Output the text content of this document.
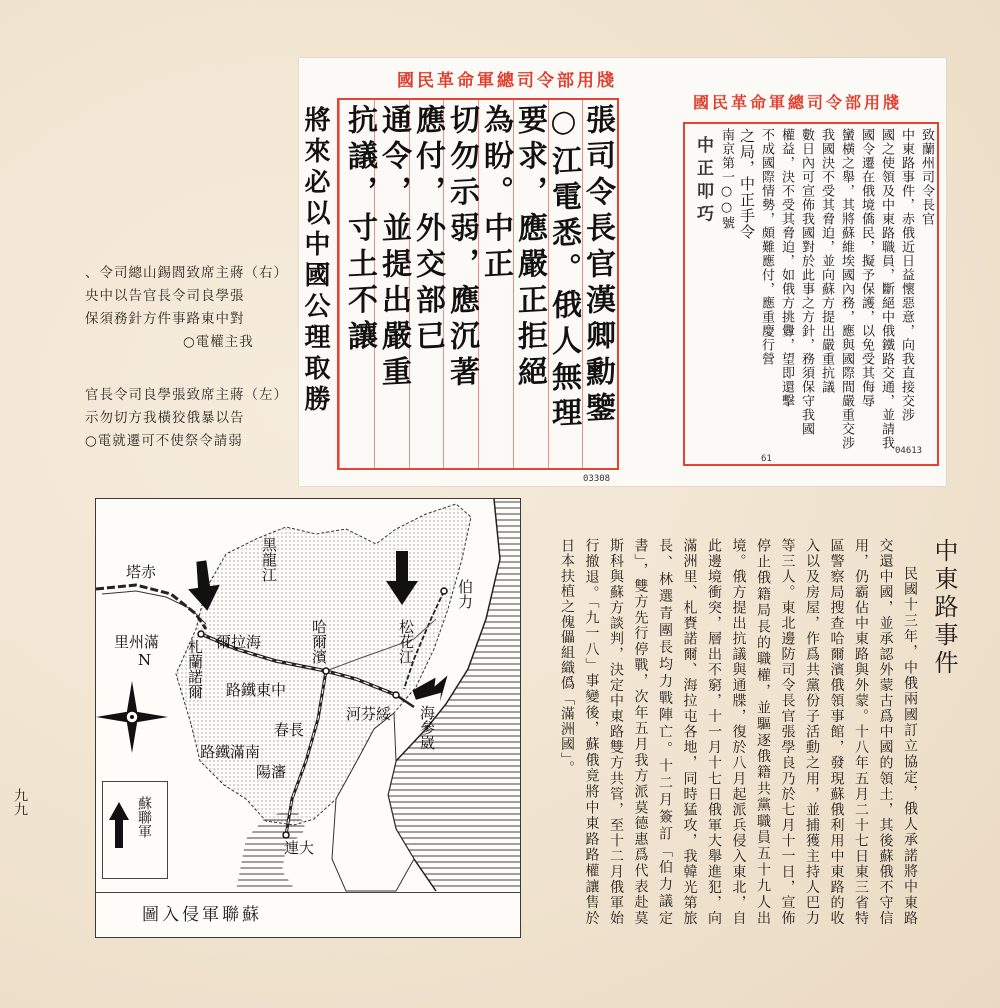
國民革命軍總司令部用牋
張司令長官漢卿勳鑒
○江電悉。俄人無理
要求，應嚴正拒絕
為盼。中正
切勿示弱，應沉著
應付，外交部已
通令，並提出嚴重
抗議，寸土不讓
03308
將來必以中國公理取勝
國民革命軍總司令部用牋
致蘭州司令長官
中東路事件，赤俄近日益懷惡意，向我直接交涉
國之使領及中東路職員，斷絕中俄鐵路交通，並請我
國令遷在俄境僑民，擬予保護，以免受其侮辱
蠻橫之舉，其將蘇維埃國內務，應與國際間嚴重交涉
我國決不受其脅迫，並向蘇方提出嚴重抗議
數日內可宣佈我國對於此事之方針，務須保守我國
權益，決不受其脅迫，如俄方挑釁，望即還擊
不成國際情勢，頗難應付，應重慶行營
之局，中正手令
南京第一○○號
中 正 叩 巧
61
04613
、令司總山錫閻致席主蔣（右）
央中以告官長令司良學張
保須務針方件事路東中對
○電權主我
官長令司良學張致席主蔣（左）
示勿切方我橫狡俄暴以告
○電就遷可不使祭令請弱
塔赤	黑龍江
爾拉海
里州滿
N 札蘭諾爾	哈爾濱	松花江
伯力
路鐵東中
河芬綏 海參崴
春長
路鐵滿南
陽瀋
連大
蘇聯軍
圖入侵軍聯蘇
中東路事件

民國十三年，中俄兩國訂立協定，俄人承諾將中東路交還中國，並承認外蒙古爲中國的領土，其後蘇俄不守信用，仍霸佔中東路與外蒙。十八年五月二十七日東三省特區警察局搜查哈爾濱俄領事館，發現蘇俄利用中東路的收入以及房屋，作爲共黨份子活動之用，並捕獲主持人巴力等三人。東北邊防司令長官張學良乃於七月十一日，宣佈停止俄籍局長的職權，並驅逐俄籍共黨職員五十九人出境。俄方提出抗議與通牒，復於八月起派兵侵入東北，自此邊境衝突，層出不窮，十一月十七日俄軍大舉進犯，向滿洲里、札賚諾爾、海拉屯各地，同時猛攻，我韓光第旅長、林選青團長均力戰陣亡。十二月簽訂「伯力議定書」，雙方先行停戰，次年五月我方派莫德惠爲代表赴莫斯科與蘇方談判，決定中東路雙方共管，至十二月俄軍始行撤退。「九一八」事變後，蘇俄竟將中東路路權讓售於日本扶植之傀儡組織僞「滿洲國」。

九九
